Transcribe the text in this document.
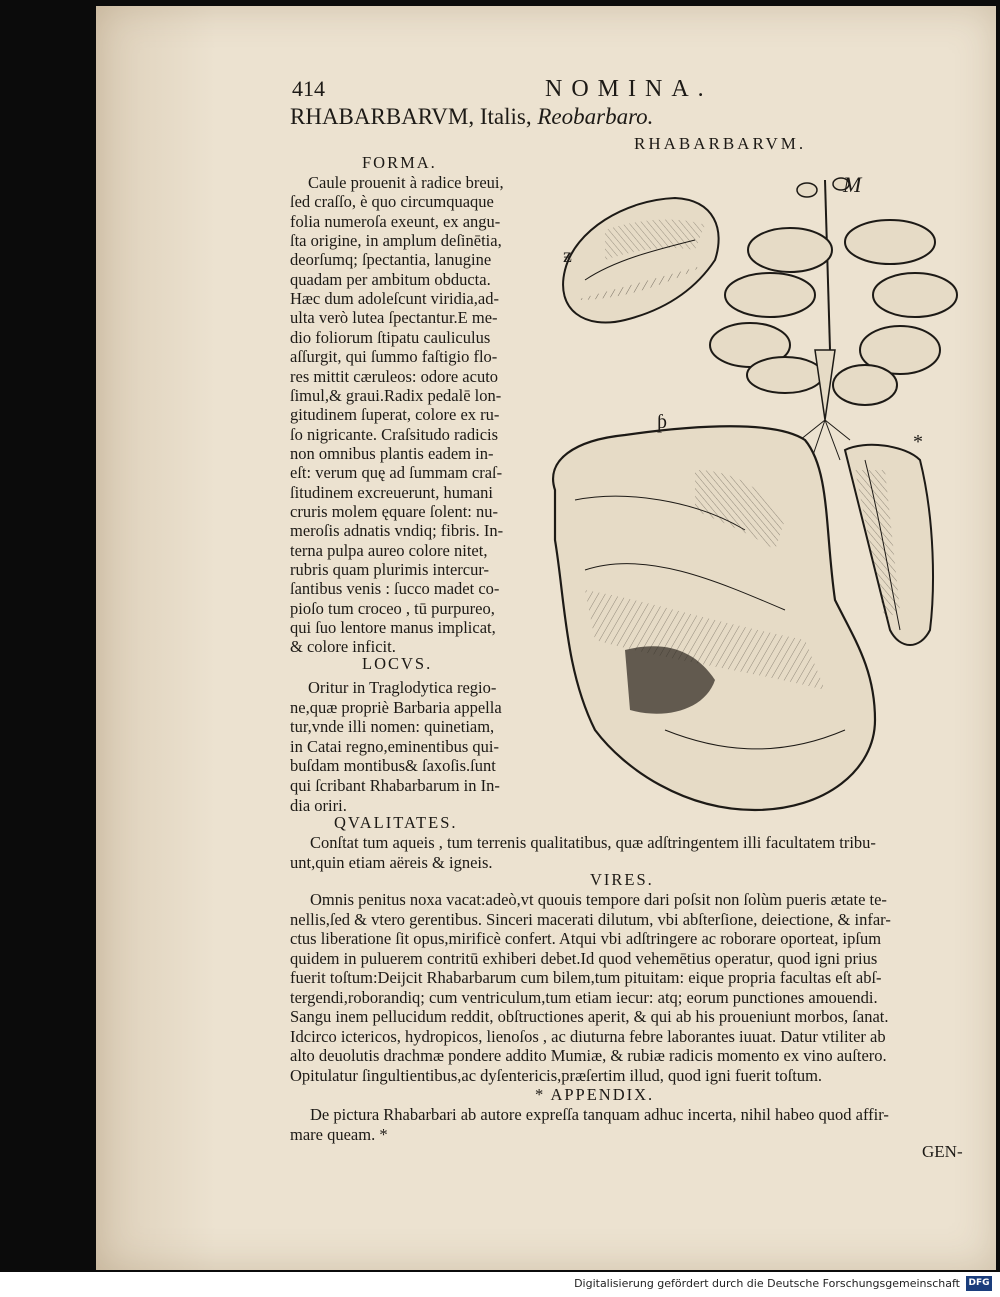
414	NOMINA.
RHABARBARVM, Italis, Reobarbaro.
RHABARBARVM.
FORMA.
Caule prouenit à radice breui,
ſed craſſo, è quo circumquaque
folia numeroſa exeunt, ex angu-
ſta origine, in amplum deſinētia,
deorſumq; ſpectantia, lanugine
quadam per ambitum obducta.
Hæc dum adoleſcunt viridia,ad-
ulta verò lutea ſpectantur.E me-
dio foliorum ſtipatu cauliculus
aſſurgit, qui ſummo faſtigio flo-
res mittit cæruleos: odore acuto
ſimul,& graui.Radix pedalē lon-
gitudinem ſuperat, colore ex ru-
ſo nigricante. Craſsitudo radicis
non omnibus plantis eadem in-
eſt: verum quę ad ſummam craſ-
ſitudinem excreuerunt, humani
cruris molem ęquare ſolent: nu-
meroſis adnatis vndiq; fibris. In-
terna pulpa aureo colore nitet,
rubris quam plurimis intercur-
ſantibus venis : ſucco madet co-
pioſo tum croceo , tū purpureo,
qui ſuo lentore manus implicat,
& colore inficit.
LOCVS.
Oritur in Traglodytica regio-
ne,quæ propriè Barbaria appella
tur,vnde illi nomen: quinetiam,
in Catai regno,eminentibus qui-
buſdam montibus& ſaxoſis.ſunt
qui ſcribant Rhabarbarum in In-
dia oriri.
M
ƶ
ƥ
*
QVALITATES.
Conſtat tum aqueis , tum terrenis qualitatibus, quæ adſtringentem illi facultatem tribu-
unt,quin etiam aëreis & igneis.
VIRES.
Omnis penitus noxa vacat:adeò,vt quouis tempore dari poſsit non ſolùm pueris ætate te-
nellis,ſed & vtero gerentibus. Sinceri macerati dilutum, vbi abſterſione, deiectione, & infar-
ctus liberatione ſit opus,mirificè confert. Atqui vbi adſtringere ac roborare oporteat, ipſum
quidem in puluerem contritū exhiberi debet.Id quod vehemētius operatur, quod igni prius
fuerit toſtum:Deijcit Rhabarbarum cum bilem,tum pituitam: eique propria facultas eſt abſ-
tergendi,roborandiq; cum ventriculum,tum etiam iecur: atq; eorum punctiones amouendi.
Sangu inem pellucidum reddit, obſtructiones aperit, & qui ab his proueniunt morbos, ſanat.
Idcirco ictericos, hydropicos, lienoſos , ac diuturna febre laborantes iuuat. Datur vtiliter ab
alto deuolutis drachmæ pondere addito Mumiæ, & rubiæ radicis momento ex vino auſtero.
Opitulatur ſingultientibus,ac dyſentericis,præſertim illud, quod igni fuerit toſtum.
* APPENDIX.
De pictura Rhabarbari ab autore expreſſa tanquam adhuc incerta, nihil habeo quod affir-
mare queam. *
GEN-
Digitalisierung gefördert durch die Deutsche Forschungsgemeinschaft DFG
